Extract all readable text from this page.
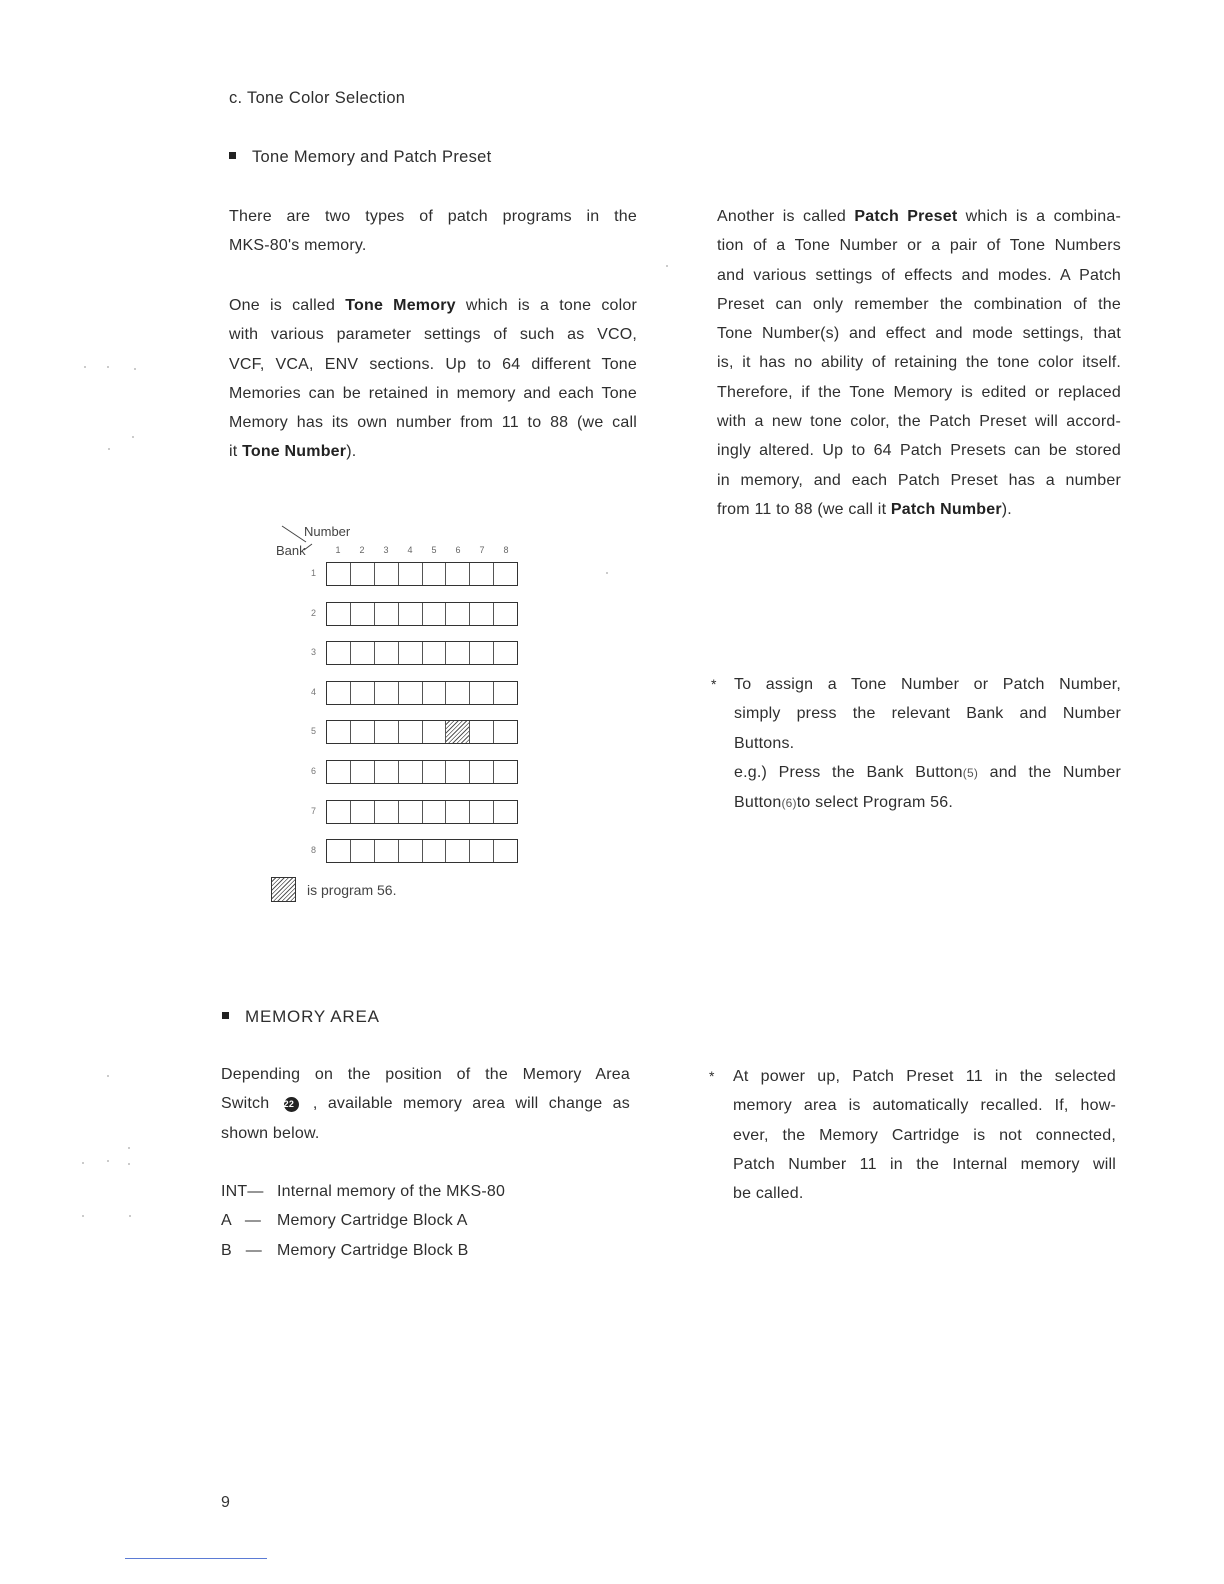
c. Tone Color Selection
Tone Memory and Patch Preset
There are two types of patch programs in the
MKS-80's memory.
One is called Tone Memory which is a tone color
with various parameter settings of such as VCO,
VCF, VCA, ENV sections. Up to 64 different Tone
Memories can be retained in memory and each Tone
Memory has its own number from 11 to 88 (we call
it Tone Number).
Another is called Patch Preset which is a combina-
tion of a Tone Number or a pair of Tone Numbers
and various settings of effects and modes. A Patch
Preset can only remember the combination of the
Tone Number(s) and effect and mode settings, that
is, it has no ability of retaining the tone color itself.
Therefore, if the Tone Memory is edited or replaced
with a new tone color, the Patch Preset will accord-
ingly altered. Up to 64 Patch Presets can be stored
in memory, and each Patch Preset has a number
from 11 to 88 (we call it Patch Number).
Number
Bank	1 2 3 4 5 6 7 8
1
2
3
4
5
6
7
8
is program 56.
* To assign a Tone Number or Patch Number,
simply press the relevant Bank and Number
Buttons.
e.g.) Press the Bank Button(5) and the Number
Button(6)to select Program 56.
MEMORY AREA
Depending on the position of the Memory Area
Switch 22 , available memory area will change as
shown below.
INT— Internal memory of the MKS-80
A   — Memory Cartridge Block A
B   — Memory Cartridge Block B
* At power up, Patch Preset 11 in the selected
memory area is automatically recalled. If, how-
ever, the Memory Cartridge is not connected,
Patch Number 11 in the Internal memory will
be called.
9
